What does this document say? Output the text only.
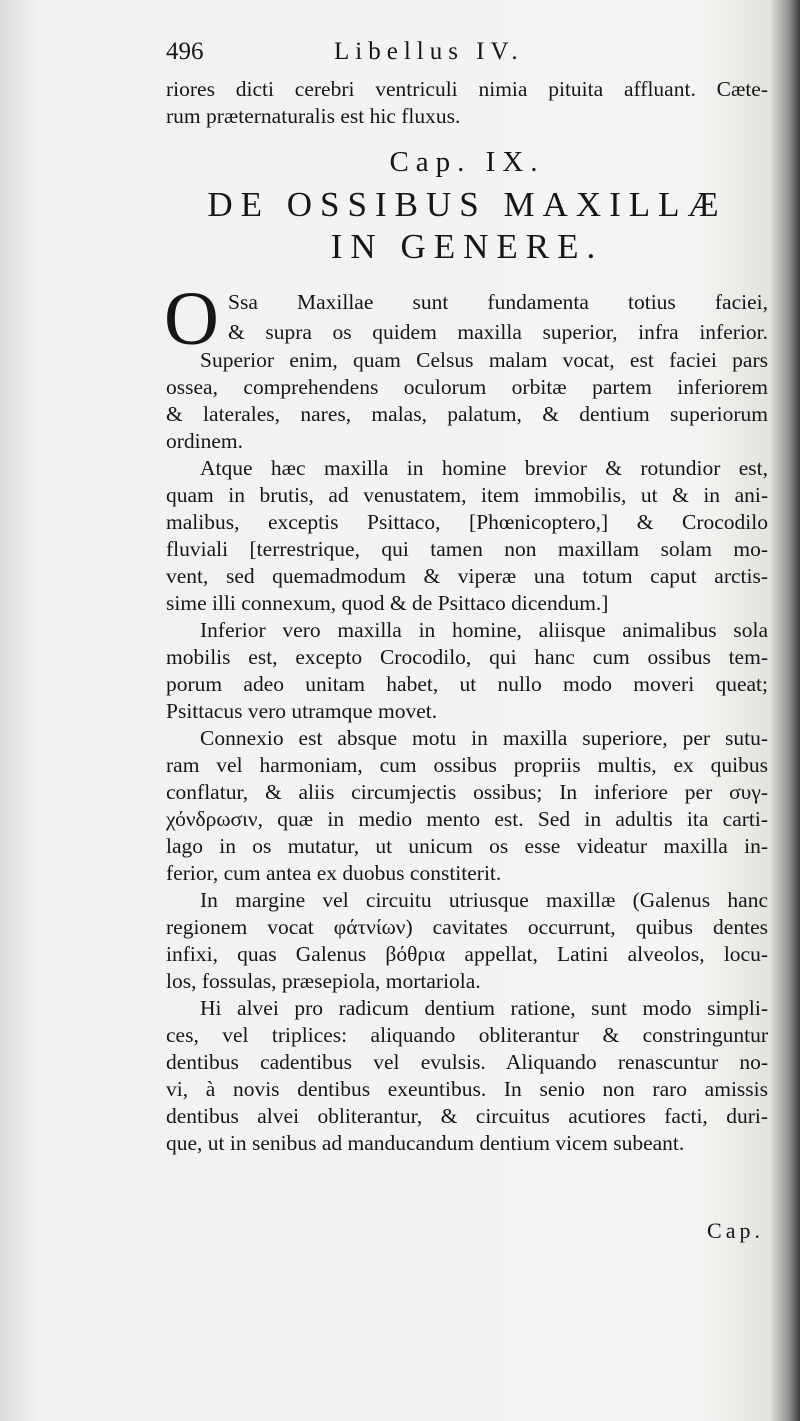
496	Libellus IV.
riores dicti cerebri ventriculi nimia pituita affluant. Cæte-
rum præternaturalis est hic fluxus.
Cap. IX.
DE OSSIBUS MAXILLÆ
IN GENERE.
O Ssa Maxillae sunt fundamenta totius faciei,
& supra os quidem maxilla superior, infra inferior.
Superior enim, quam Celsus malam vocat, est faciei pars
ossea, comprehendens oculorum orbitæ partem inferiorem
& laterales, nares, malas, palatum, & dentium superiorum
ordinem.
Atque hæc maxilla in homine brevior & rotundior est,
quam in brutis, ad venustatem, item immobilis, ut & in ani-
malibus, exceptis Psittaco, [Phœnicoptero,] & Crocodilo
fluviali [terrestrique, qui tamen non maxillam solam mo-
vent, sed quemadmodum & viperæ una totum caput arctis-
sime illi connexum, quod & de Psittaco dicendum.]
Inferior vero maxilla in homine, aliisque animalibus sola
mobilis est, excepto Crocodilo, qui hanc cum ossibus tem-
porum adeo unitam habet, ut nullo modo moveri queat;
Psittacus vero utramque movet.
Connexio est absque motu in maxilla superiore, per sutu-
ram vel harmoniam, cum ossibus propriis multis, ex quibus
conflatur, & aliis circumjectis ossibus; In inferiore per συγ-
χόνδρωσιν, quæ in medio mento est. Sed in adultis ita carti-
lago in os mutatur, ut unicum os esse videatur maxilla in-
ferior, cum antea ex duobus constiterit.
In margine vel circuitu utriusque maxillæ (Galenus hanc
regionem vocat φάτνίων) cavitates occurrunt, quibus dentes
infixi, quas Galenus βόθρια appellat, Latini alveolos, locu-
los, fossulas, præsepiola, mortariola.
Hi alvei pro radicum dentium ratione, sunt modo simpli-
ces, vel triplices: aliquando obliterantur & constringuntur
dentibus cadentibus vel evulsis. Aliquando renascuntur no-
vi, à novis dentibus exeuntibus. In senio non raro amissis
dentibus alvei obliterantur, & circuitus acutiores facti, duri-
que, ut in senibus ad manducandum dentium vicem subeant.
Cap.
